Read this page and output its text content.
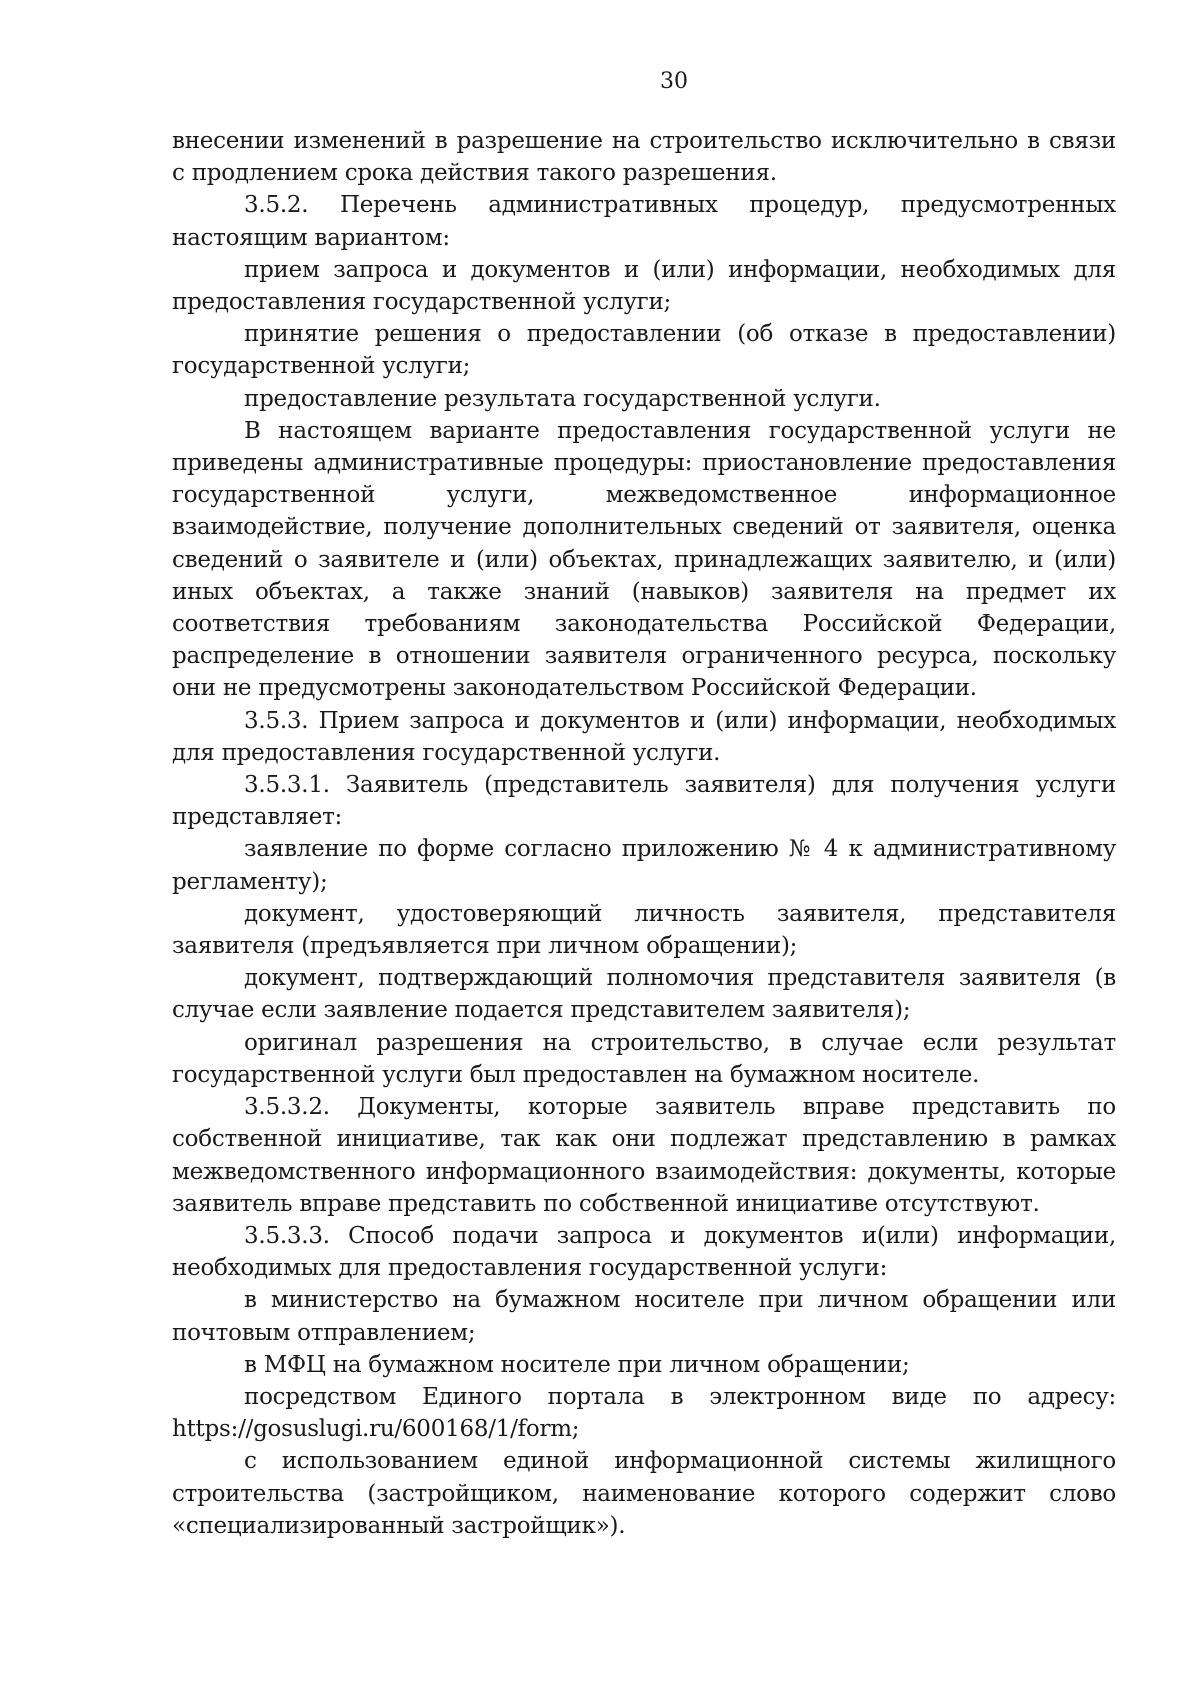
30

внесении изменений в разрешение на строительство исключительно в связи с продлением срока действия такого разрешения.

3.5.2. Перечень административных процедур, предусмотренных настоящим вариантом:

прием запроса и документов и (или) информации, необходимых для предоставления государственной услуги;

принятие решения о предоставлении (об отказе в предоставлении) государственной услуги;

предоставление результата государственной услуги.

В настоящем варианте предоставления государственной услуги не приведены административные процедуры: приостановление предоставления государственной услуги, межведомственное информационное взаимодействие, получение дополнительных сведений от заявителя, оценка сведений о заявителе и (или) объектах, принадлежащих заявителю, и (или) иных объектах, а также знаний (навыков) заявителя на предмет их соответствия требованиям законодательства Российской Федерации, распределение в отношении заявителя ограниченного ресурса, поскольку они не предусмотрены законодательством Российской Федерации.

3.5.3. Прием запроса и документов и (или) информации, необходимых для предоставления государственной услуги.

3.5.3.1. Заявитель (представитель заявителя) для получения услуги представляет:

заявление по форме согласно приложению № 4 к административному регламенту);

документ, удостоверяющий личность заявителя, представителя заявителя (предъявляется при личном обращении);

документ, подтверждающий полномочия представителя заявителя (в случае если заявление подается представителем заявителя);

оригинал разрешения на строительство, в случае если результат государственной услуги был предоставлен на бумажном носителе.

3.5.3.2. Документы, которые заявитель вправе представить по собственной инициативе, так как они подлежат представлению в рамках межведомственного информационного взаимодействия: документы, которые заявитель вправе представить по собственной инициативе отсутствуют.

3.5.3.3. Способ подачи запроса и документов и(или) информации, необходимых для предоставления государственной услуги:

в министерство на бумажном носителе при личном обращении или почтовым отправлением;

в МФЦ на бумажном носителе при личном обращении;

посредством Единого портала в электронном виде по адресу: https://gosuslugi.ru/600168/1/form;

с использованием единой информационной системы жилищного строительства (застройщиком, наименование которого содержит слово «специализированный застройщик»).
